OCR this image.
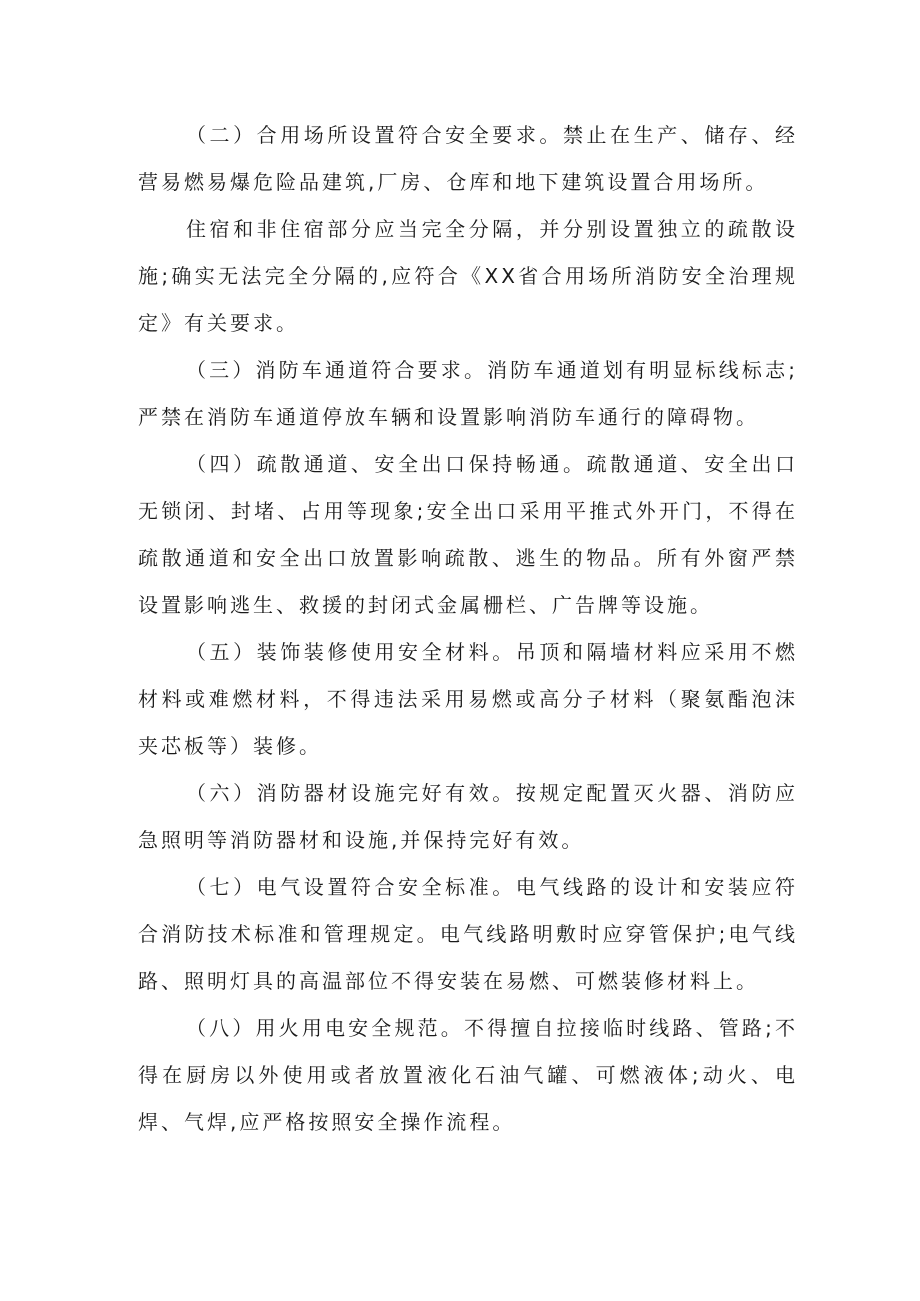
（二）合用场所设置符合安全要求。禁止在生产、储存、经营易燃易爆危险品建筑,厂房、仓库和地下建筑设置合用场所。

住宿和非住宿部分应当完全分隔，并分别设置独立的疏散设施;确实无法完全分隔的,应符合《XX省合用场所消防安全治理规定》有关要求。

（三）消防车通道符合要求。消防车通道划有明显标线标志;严禁在消防车通道停放车辆和设置影响消防车通行的障碍物。

（四）疏散通道、安全出口保持畅通。疏散通道、安全出口无锁闭、封堵、占用等现象;安全出口采用平推式外开门，不得在疏散通道和安全出口放置影响疏散、逃生的物品。所有外窗严禁设置影响逃生、救援的封闭式金属栅栏、广告牌等设施。

（五）装饰装修使用安全材料。吊顶和隔墙材料应采用不燃材料或难燃材料，不得违法采用易燃或高分子材料（聚氨酯泡沫夹芯板等）装修。

（六）消防器材设施完好有效。按规定配置灭火器、消防应急照明等消防器材和设施,并保持完好有效。

（七）电气设置符合安全标准。电气线路的设计和安装应符合消防技术标准和管理规定。电气线路明敷时应穿管保护;电气线路、照明灯具的高温部位不得安装在易燃、可燃装修材料上。

（八）用火用电安全规范。不得擅自拉接临时线路、管路;不得在厨房以外使用或者放置液化石油气罐、可燃液体;动火、电焊、气焊,应严格按照安全操作流程。
